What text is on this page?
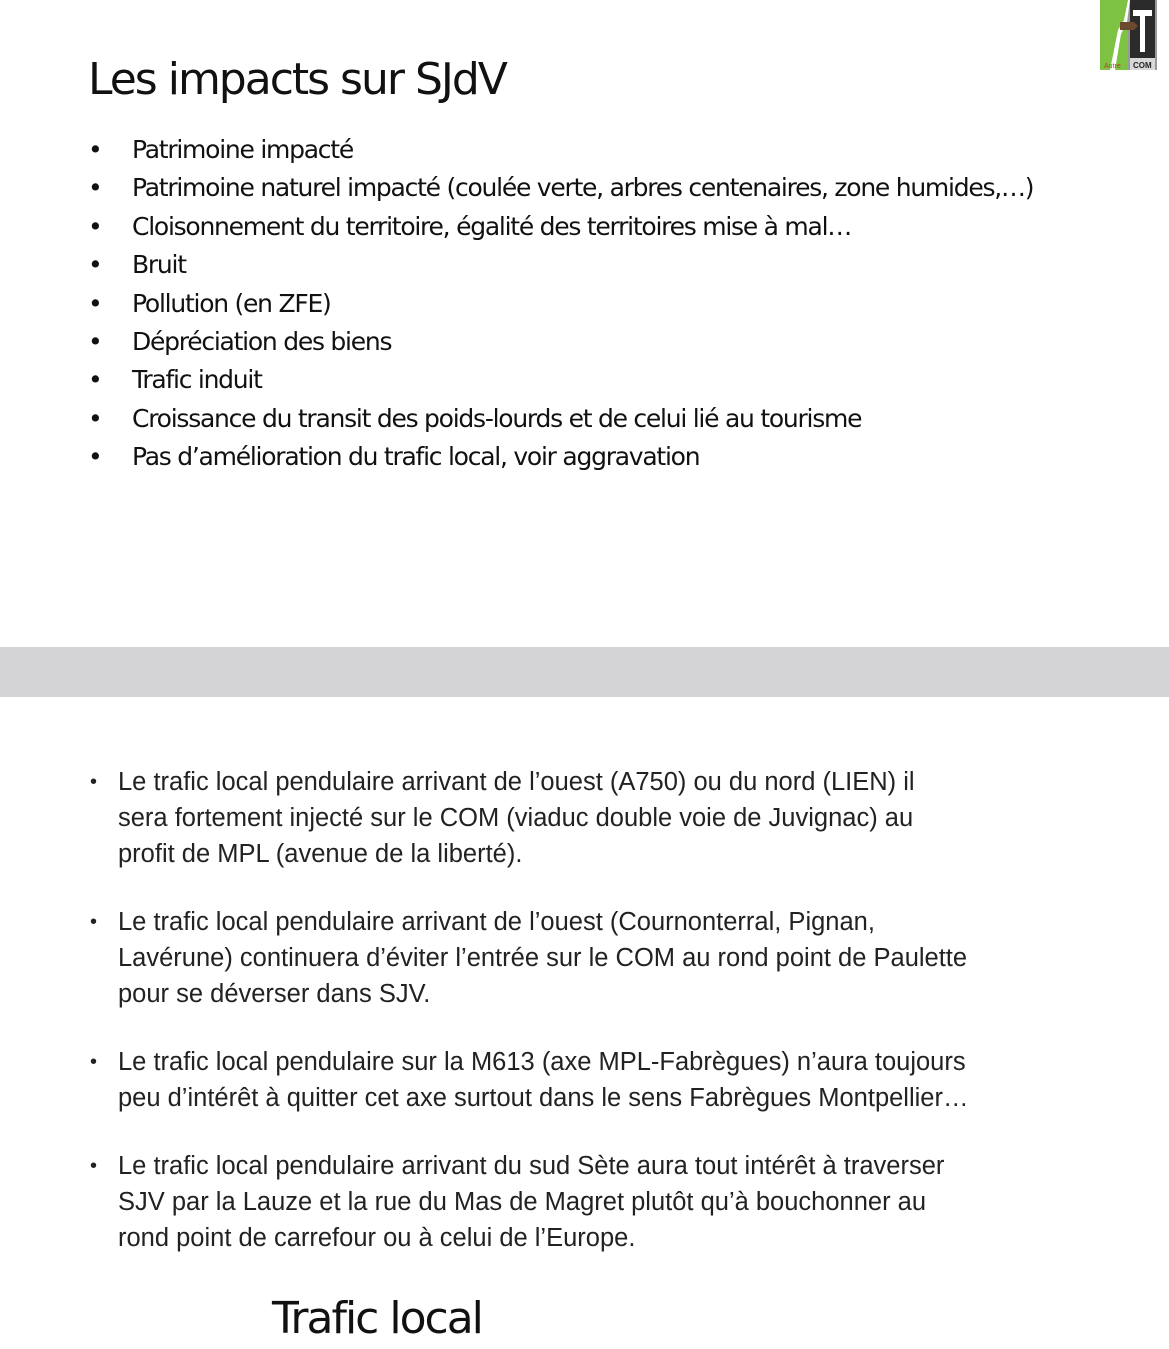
Autre COM
Les impacts sur SJdV
• Patrimoine impacté
• Patrimoine naturel impacté (coulée verte, arbres centenaires, zone humides,…)
• Cloisonnement du territoire, égalité des territoires mise à mal…
• Bruit
• Pollution (en ZFE)
• Dépréciation des biens
• Trafic induit
• Croissance du transit des poids-lourds et de celui lié au tourisme
• Pas d’amélioration du trafic local, voir aggravation
• Le trafic local pendulaire arrivant de l’ouest (A750) ou du nord (LIEN) il
sera fortement injecté sur le COM (viaduc double voie de Juvignac) au
profit de MPL (avenue de la liberté).
• Le trafic local pendulaire arrivant de l’ouest (Cournonterral, Pignan,
Lavérune) continuera d’éviter l’entrée sur le COM au rond point de Paulette
pour se déverser dans SJV.
• Le trafic local pendulaire sur la M613 (axe MPL-Fabrègues) n’aura toujours
peu d’intérêt à quitter cet axe surtout dans le sens Fabrègues Montpellier…
• Le trafic local pendulaire arrivant du sud Sète aura tout intérêt à traverser
SJV par la Lauze et la rue du Mas de Magret plutôt qu’à bouchonner au
rond point de carrefour ou à celui de l’Europe.
Trafic local
